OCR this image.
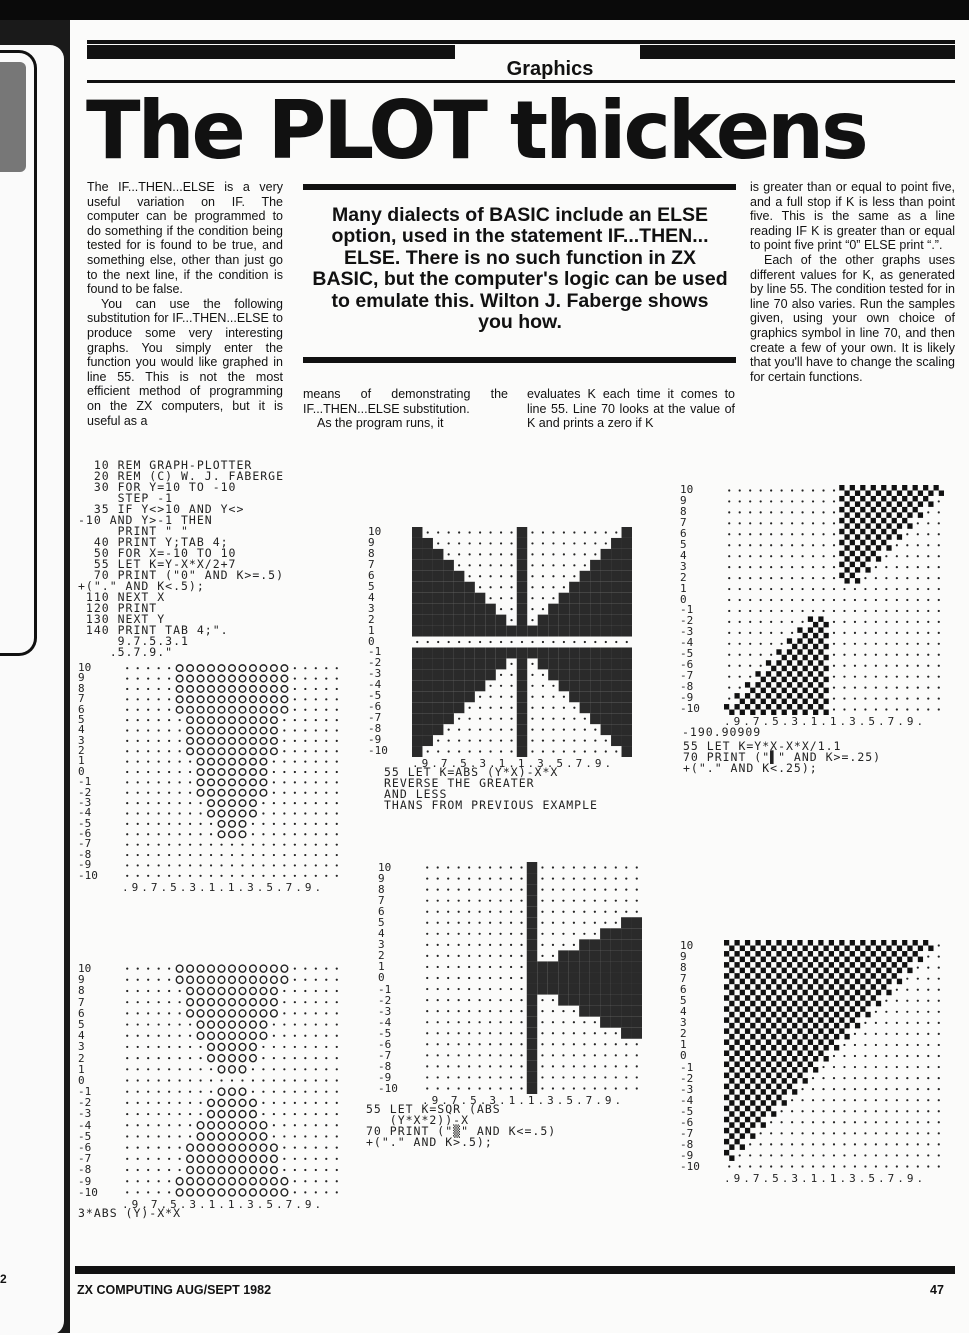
2
Graphics
The PLOT thickens

The IF...THEN...ELSE is a very useful variation on IF. The computer can be programmed to do something if the condition being tested for is found to be true, and something else, other than just go to the next line, if the condition is found to be false.

You can use the following substitution for IF...THEN...ELSE to produce some very interesting graphs. You simply enter the function you would like graphed in line 55. This is not the most efficient method of programming on the ZX computers, but it is useful as a

means of demonstrating the IF...THEN...ELSE substitution.

As the program runs, it

evaluates K each time it comes to line 55. Line 70 looks at the value of K and prints a zero if K

is greater than or equal to point five, and a full stop if K is less than point five. This is the same as a line reading IF K is greater than or equal to point five print “0” ELSE print “.”.

Each of the other graphs uses different values for K, as generated by line 55. The condition tested for in line 70 also varies. Run the samples given, using your own choice of graphics symbol in line 70, and then create a few of your own. It is likely that you'll have to change the scaling for certain functions.

Many dialects of BASIC include an ELSE option, used in the statement IF...THEN... ELSE. There is no such function in ZX BASIC, but the computer's logic can be used to emulate this. Wilton J. Faberge shows you how.
10 REM GRAPH-PLOTTER
20 REM (C) W. J. FABERGE
30 FOR Y=10 TO -10
STEP -1
35 IF Y<>10 AND Y<>
-10 AND Y>-1 THEN
PRINT " "
40 PRINT Y;TAB 4;
50 FOR X=-10 TO 10
55 LET K=Y-X*X/2+7
70 PRINT ("0" AND K>=.5)
+("." AND K<.5);
110 NEXT X
120 PRINT
130 NEXT Y
140 PRINT TAB 4;".
9.7.5.3.1
.5.7.9."
10
9
8
7
6
5
4
3
2
1
0
-1
-2
-3
-4
-5
-6
-7
-8
-9
-10
.9.7.5.3.1.1.3.5.7.9.
10
9
8
7
6
5
4
3
2
1
0
-1
-2
-3
-4
-5
-6
-7
-8
-9
-10
.9.7.5.3.1.1.3.5.7.9.
10
9
8
7
6
5
4
3
2
1
0
-1
-2
-3
-4
-5
-6
-7
-8
-9
-10
.9.7.5.3.1.1.3.5.7.9.
10
9
8
7
6
5
4
3
2
1
0
-1
-2
-3
-4
-5
-6
-7
-8
-9
-10
.9.7.5.3.1.1.3.5.7.9.
10
9
8
7
6
5
4
3
2
1
0
-1
-2
-3
-4
-5
-6
-7
-8
-9
-10
.9.7.5.3.1.1.3.5.7.9.
10
9
8
7
6
5
4
3
2
1
0
-1
-2
-3
-4
-5
-6
-7
-8
-9
-10
.9.7.5.3.1.1.3.5.7.9.
55 LET K=ABS (Y*X)-X*X
REVERSE THE GREATER
AND LESS
THANS FROM PREVIOUS EXAMPLE
55 LET K=Y*X-X*X/1.1
70 PRINT ("▌" AND K>=.25)
+("." AND K<.25);
-190.90909
55 LET K=SQR (ABS
(Y*X*2))-X
70 PRINT ("▒" AND K<=.5)
+("." AND K>.5);
3*ABS (Y)-X*X
ZX COMPUTING AUG/SEPT 1982	47
